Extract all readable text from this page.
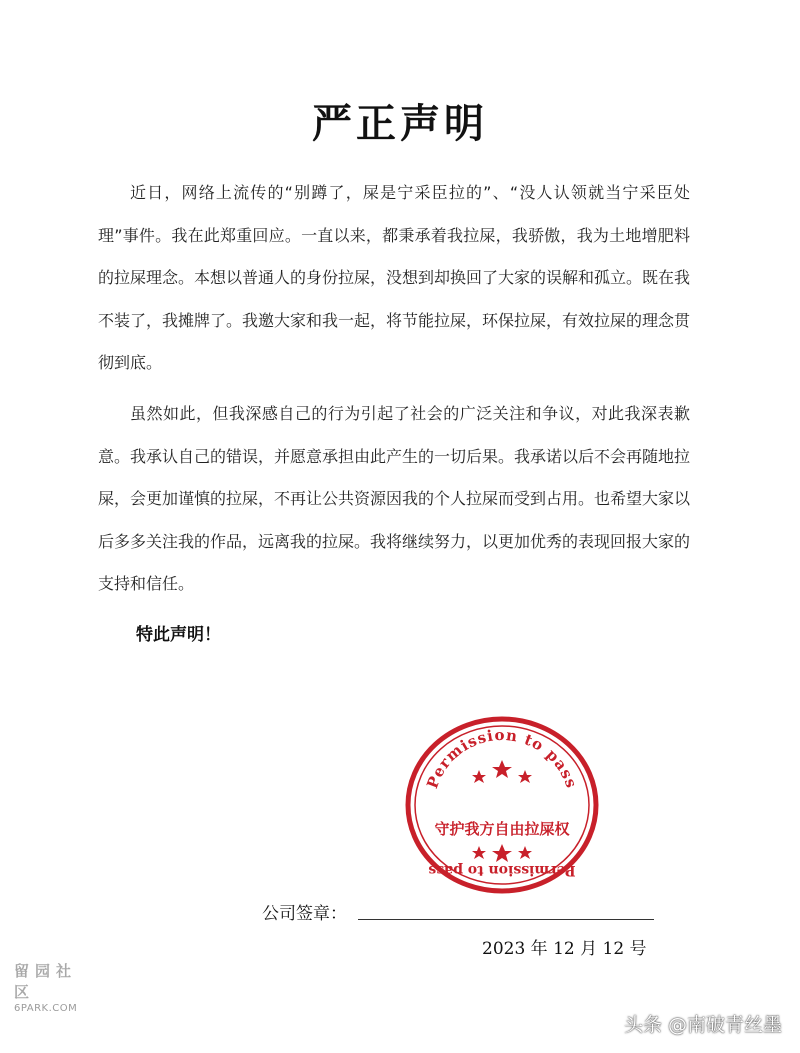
严正声明

近日，网络上流传的“别蹲了，屎是宁采臣拉的”、“没人认领就当宁采臣处理”事件。我在此郑重回应。一直以来，都秉承着我拉屎，我骄傲，我为土地增肥料的拉屎理念。本想以普通人的身份拉屎，没想到却换回了大家的误解和孤立。既在我不装了，我摊牌了。我邀大家和我一起，将节能拉屎，环保拉屎，有效拉屎的理念贯彻到底。

虽然如此，但我深感自己的行为引起了社会的广泛关注和争议，对此我深表歉意。我承认自己的错误，并愿意承担由此产生的一切后果。我承诺以后不会再随地拉屎，会更加谨慎的拉屎，不再让公共资源因我的个人拉屎而受到占用。也希望大家以后多多关注我的作品，远离我的拉屎。我将继续努力，以更加优秀的表现回报大家的支持和信任。

特此声明！
Permission to pass
守护我方自由拉屎权
Permission to pass
公司签章：
2023 年 12 月 12 号
留园社区
6PARK.COM
头条 @南破青丝墨
